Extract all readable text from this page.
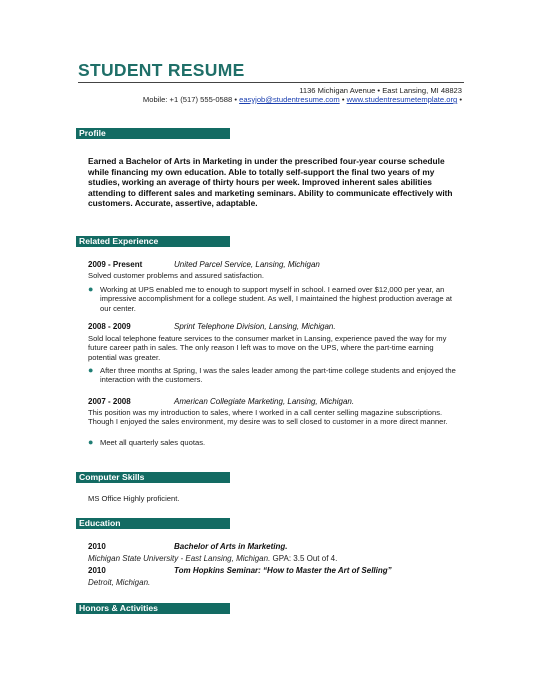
STUDENT RESUME
1136 Michigan Avenue • East Lansing, MI 48823
Mobile: +1 (517) 555-0588 • easyjob@studentresume.com • www.studentresumetemplate.org •
Profile
Earned a Bachelor of Arts in Marketing in under the prescribed four-year course schedule while financing my own education. Able to totally self-support the final two years of my studies, working an average of thirty hours per week. Improved inherent sales abilities attending to different sales and marketing seminars. Ability to communicate effectively with customers. Accurate, assertive, adaptable.
Related Experience
2009 - Present	United Parcel Service, Lansing, Michigan
Solved customer problems and assured satisfaction.
● Working at UPS enabled me to enough to support myself in school. I earned over $12,000 per year, an impressive accomplishment for a college student. As well, I maintained the highest production average at our center.
2008 - 2009	Sprint Telephone Division, Lansing, Michigan.
Sold local telephone feature services to the consumer market in Lansing, experience paved the way for my future career path in sales. The only reason I left was to move on the UPS, where the part-time earning potential was greater.
● After three months at Spring, I was the sales leader among the part-time college students and enjoyed the interaction with the customers.
2007 - 2008	American Collegiate Marketing, Lansing, Michigan.
This position was my introduction to sales, where I worked in a call center selling magazine subscriptions. Though I enjoyed the sales environment, my desire was to sell closed to customer in a more direct manner.
● Meet all quarterly sales quotas.
Computer Skills
MS Office Highly proficient.
Education
2010	Bachelor of Arts in Marketing.
Michigan State University - East Lansing, Michigan. GPA: 3.5 Out of 4.
2010	Tom Hopkins Seminar: “How to Master the Art of Selling”
Detroit, Michigan.
Honors & Activities
